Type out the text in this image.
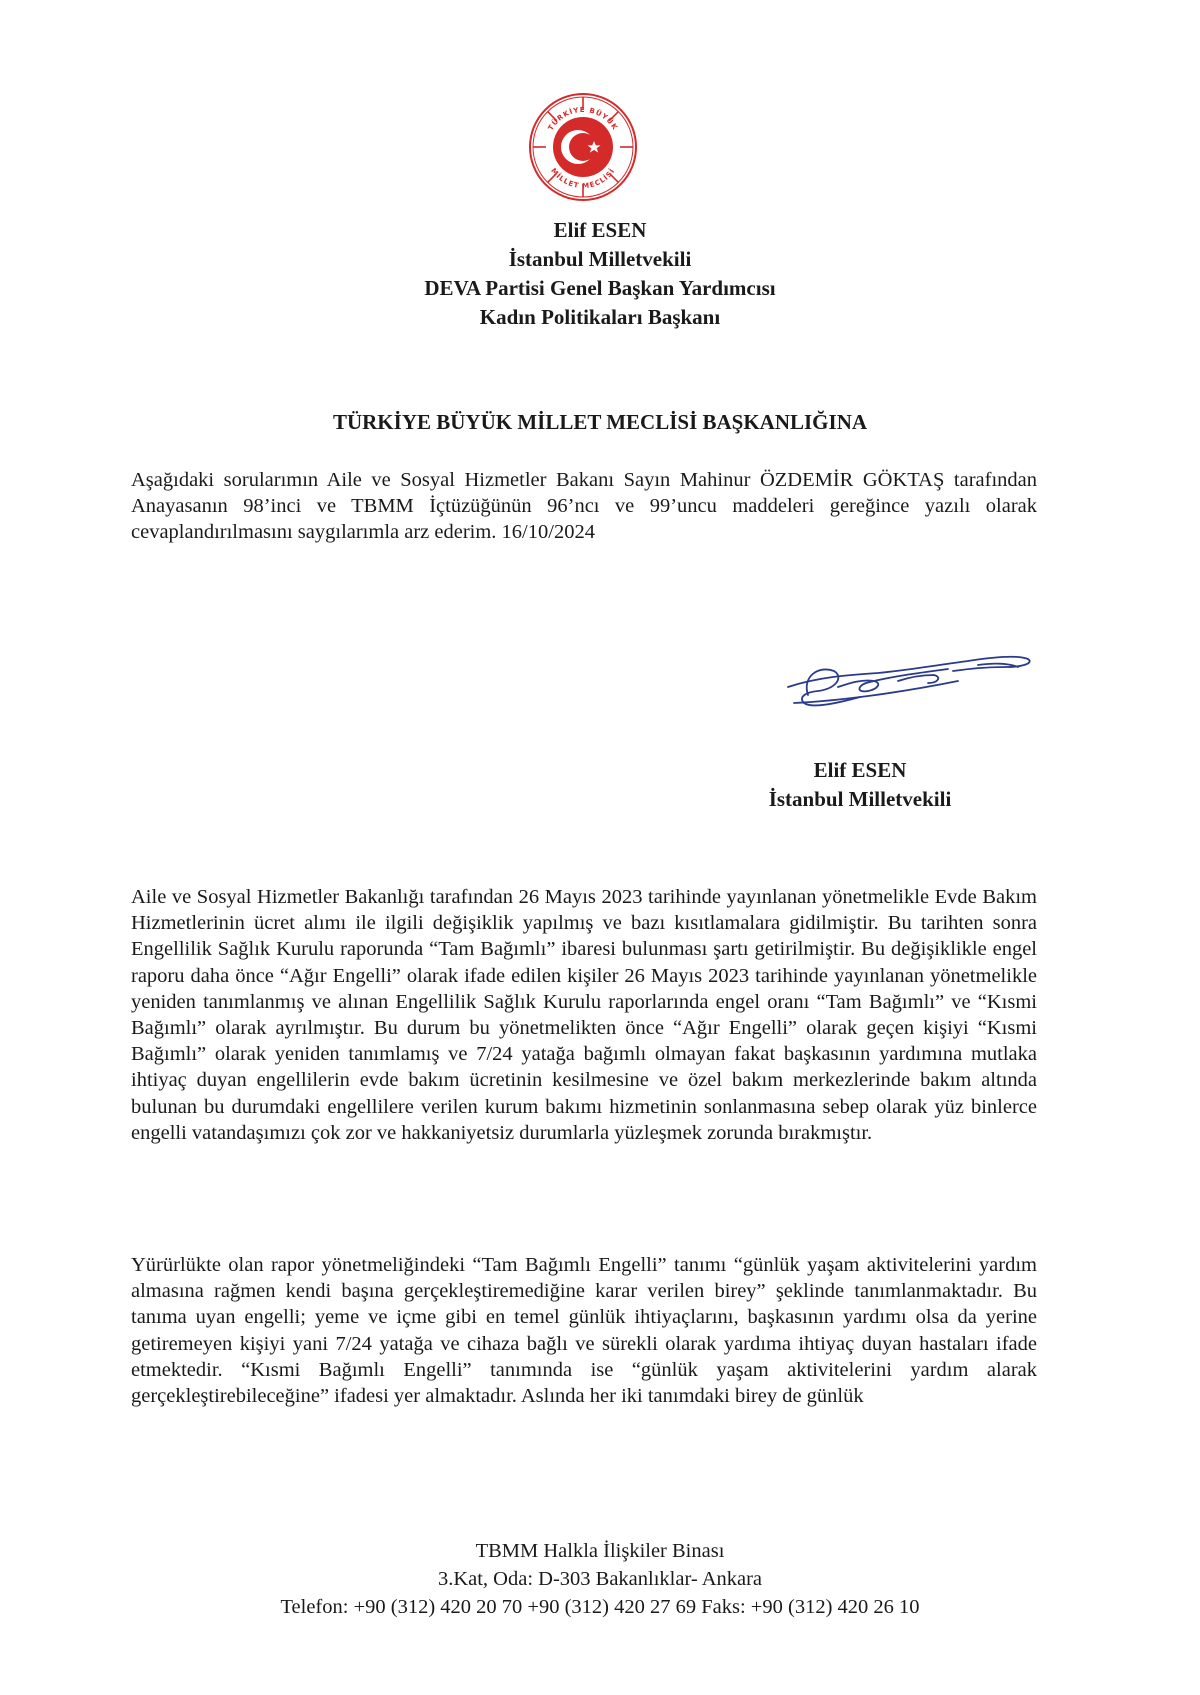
TÜRKİYE BÜYÜK
MİLLET MECLİSİ
Elif ESEN
İstanbul Milletvekili
DEVA Partisi Genel Başkan Yardımcısı
Kadın Politikaları Başkanı
TÜRKİYE BÜYÜK MİLLET MECLİSİ BAŞKANLIĞINA

Aşağıdaki sorularımın Aile ve Sosyal Hizmetler Bakanı Sayın Mahinur ÖZDEMİR GÖKTAŞ tarafından Anayasanın 98’inci ve TBMM İçtüzüğünün 96’ncı ve 99’uncu maddeleri gereğince yazılı olarak cevaplandırılmasını saygılarımla arz ederim. 16/10/2024

Elif ESEN
İstanbul Milletvekili

Aile ve Sosyal Hizmetler Bakanlığı tarafından 26 Mayıs 2023 tarihinde yayınlanan yönetmelikle Evde Bakım Hizmetlerinin ücret alımı ile ilgili değişiklik yapılmış ve bazı kısıtlamalara gidilmiştir. Bu tarihten sonra Engellilik Sağlık Kurulu raporunda “Tam Bağımlı” ibaresi bulunması şartı getirilmiştir. Bu değişiklikle engel raporu daha önce “Ağır Engelli” olarak ifade edilen kişiler 26 Mayıs 2023 tarihinde yayınlanan yönetmelikle yeniden tanımlanmış ve alınan Engellilik Sağlık Kurulu raporlarında engel oranı “Tam Bağımlı” ve “Kısmi Bağımlı” olarak ayrılmıştır. Bu durum bu yönetmelikten önce “Ağır Engelli” olarak geçen kişiyi “Kısmi Bağımlı” olarak yeniden tanımlamış ve 7/24 yatağa bağımlı olmayan fakat başkasının yardımına mutlaka ihtiyaç duyan engellilerin evde bakım ücretinin kesilmesine ve özel bakım merkezlerinde bakım altında bulunan bu durumdaki engellilere verilen kurum bakımı hizmetinin sonlanmasına sebep olarak yüz binlerce engelli vatandaşımızı çok zor ve hakkaniyetsiz durumlarla yüzleşmek zorunda bırakmıştır.

Yürürlükte olan rapor yönetmeliğindeki “Tam Bağımlı Engelli” tanımı “günlük yaşam aktivitelerini yardım almasına rağmen kendi başına gerçekleştiremediğine karar verilen birey” şeklinde tanımlanmaktadır. Bu tanıma uyan engelli; yeme ve içme gibi en temel günlük ihtiyaçlarını, başkasının yardımı olsa da yerine getiremeyen kişiyi yani 7/24 yatağa ve cihaza bağlı ve sürekli olarak yardıma ihtiyaç duyan hastaları ifade etmektedir. “Kısmi Bağımlı Engelli” tanımında ise “günlük yaşam aktivitelerini yardım alarak gerçekleştirebileceğine” ifadesi yer almaktadır. Aslında her iki tanımdaki birey de günlük

TBMM Halkla İlişkiler Binası
3.Kat, Oda: D-303 Bakanlıklar- Ankara
Telefon: +90 (312) 420 20 70 +90 (312) 420 27 69 Faks: +90 (312) 420 26 10
